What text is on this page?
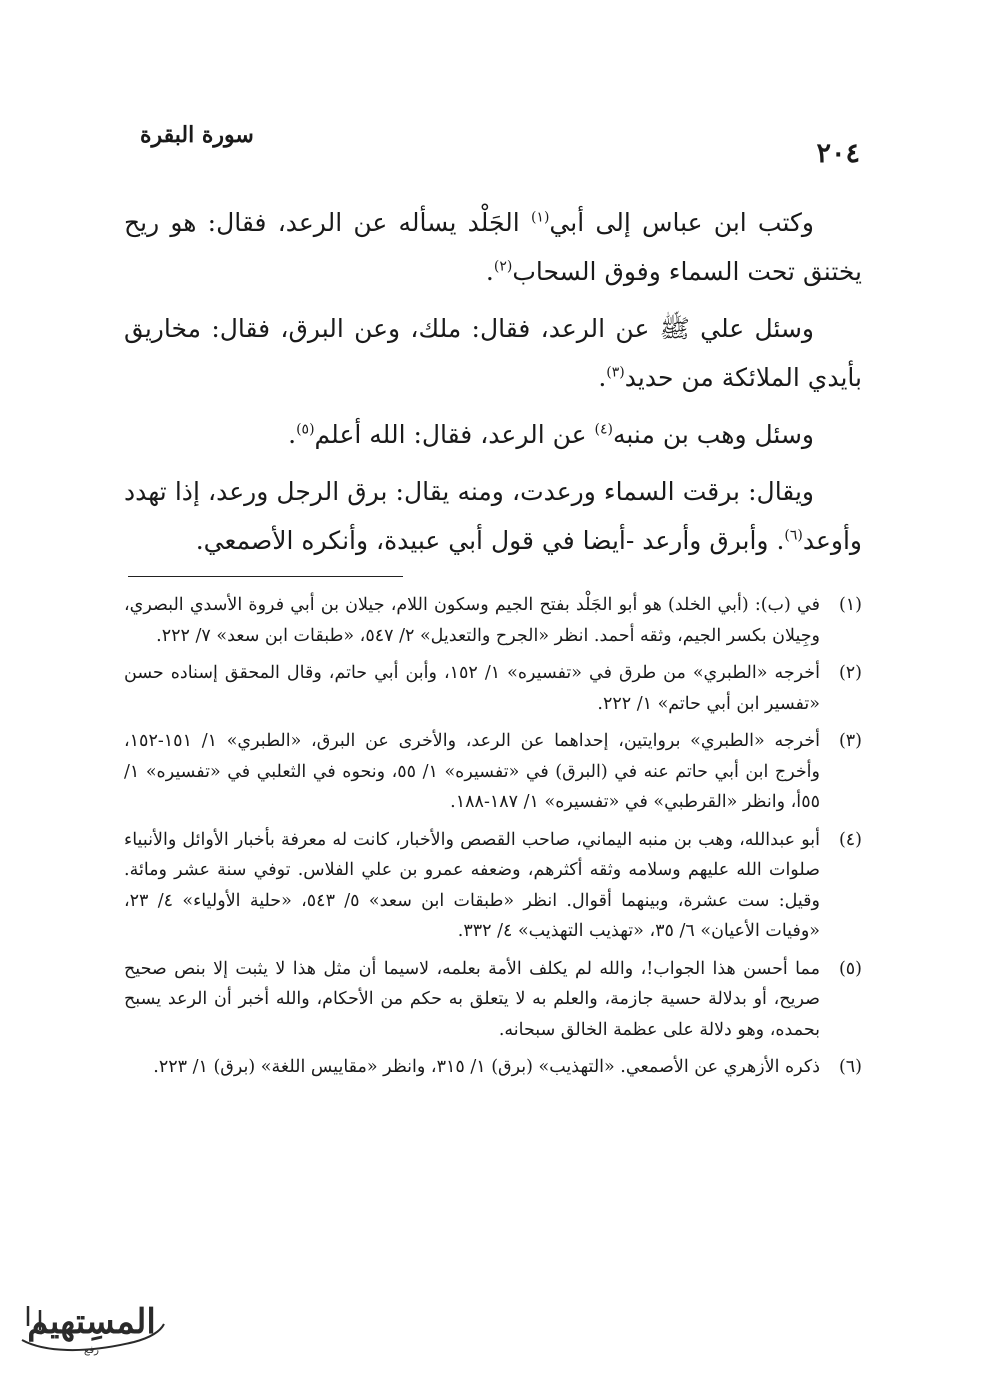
٢٠٤
سورة البقرة

وكتب ابن عباس إلى أبي$^{(١)}$ الجَلْد يسأله عن الرعد، فقال: هو ريح يختنق تحت السماء وفوق السحاب$^{(٢)}$.

وسئل علي ﷺ عن الرعد، فقال: ملك، وعن البرق، فقال: مخاريق بأيدي الملائكة من حديد$^{(٣)}$.

وسئل وهب بن منبه$^{(٤)}$ عن الرعد، فقال: الله أعلم$^{(٥)}$.

ويقال: برقت السماء ورعدت، ومنه يقال: برق الرجل ورعد، إذا تهدد وأوعد$^{(٦)}$. وأبرق وأرعد -أيضا في قول أبي عبيدة، وأنكره الأصمعي.

(١)
في (ب): (أبي الخلد) هو أبو الجَلْد بفتح الجيم وسكون اللام، جيلان بن أبي فروة الأسدي البصري، وجِيلان بكسر الجيم، وثقه أحمد. انظر «الجرح والتعديل» ٢/ ٥٤٧، «طبقات ابن سعد» ٧/ ٢٢٢.
(٢)
أخرجه «الطبري» من طرق في «تفسيره» ١/ ١٥٢، وأبن أبي حاتم، وقال المحقق إسناده حسن «تفسير ابن أبي حاتم» ١/ ٢٢٢.
(٣)
أخرجه «الطبري» بروايتين، إحداهما عن الرعد، والأخرى عن البرق، «الطبري» ١/ ١٥١-١٥٢، وأخرج ابن أبي حاتم عنه في (البرق) في «تفسيره» ١/ ٥٥، ونحوه في الثعلبي في «تفسيره» ١/ ٥٥أ، وانظر «القرطبي» في «تفسيره» ١/ ١٨٧-١٨٨.
(٤)
أبو عبدالله، وهب بن منبه اليماني، صاحب القصص والأخبار، كانت له معرفة بأخبار الأوائل والأنبياء صلوات الله عليهم وسلامه وثقه أكثرهم، وضعفه عمرو بن علي الفلاس. توفي سنة عشر ومائة. وقيل: ست عشرة، وبينهما أقوال. انظر «طبقات ابن سعد» ٥/ ٥٤٣، «حلية الأولياء» ٤/ ٢٣، «وفيات الأعيان» ٦/ ٣٥، «تهذيب التهذيب» ٤/ ٣٣٢.
(٥)
مما أحسن هذا الجواب!، والله لم يكلف الأمة بعلمه، لاسيما أن مثل هذا لا يثبت إلا بنص صحيح صريح، أو بدلالة حسية جازمة، والعلم به لا يتعلق به حكم من الأحكام، والله أخبر أن الرعد يسبح بحمده، وهو دلالة على عظمة الخالق سبحانه.
(٦)
ذكره الأزهري عن الأصمعي. «التهذيب» (برق) ١/ ٣١٥، وانظر «مقاييس اللغة» (برق) ١/ ٢٢٣.
المسِتهيم
رفع
